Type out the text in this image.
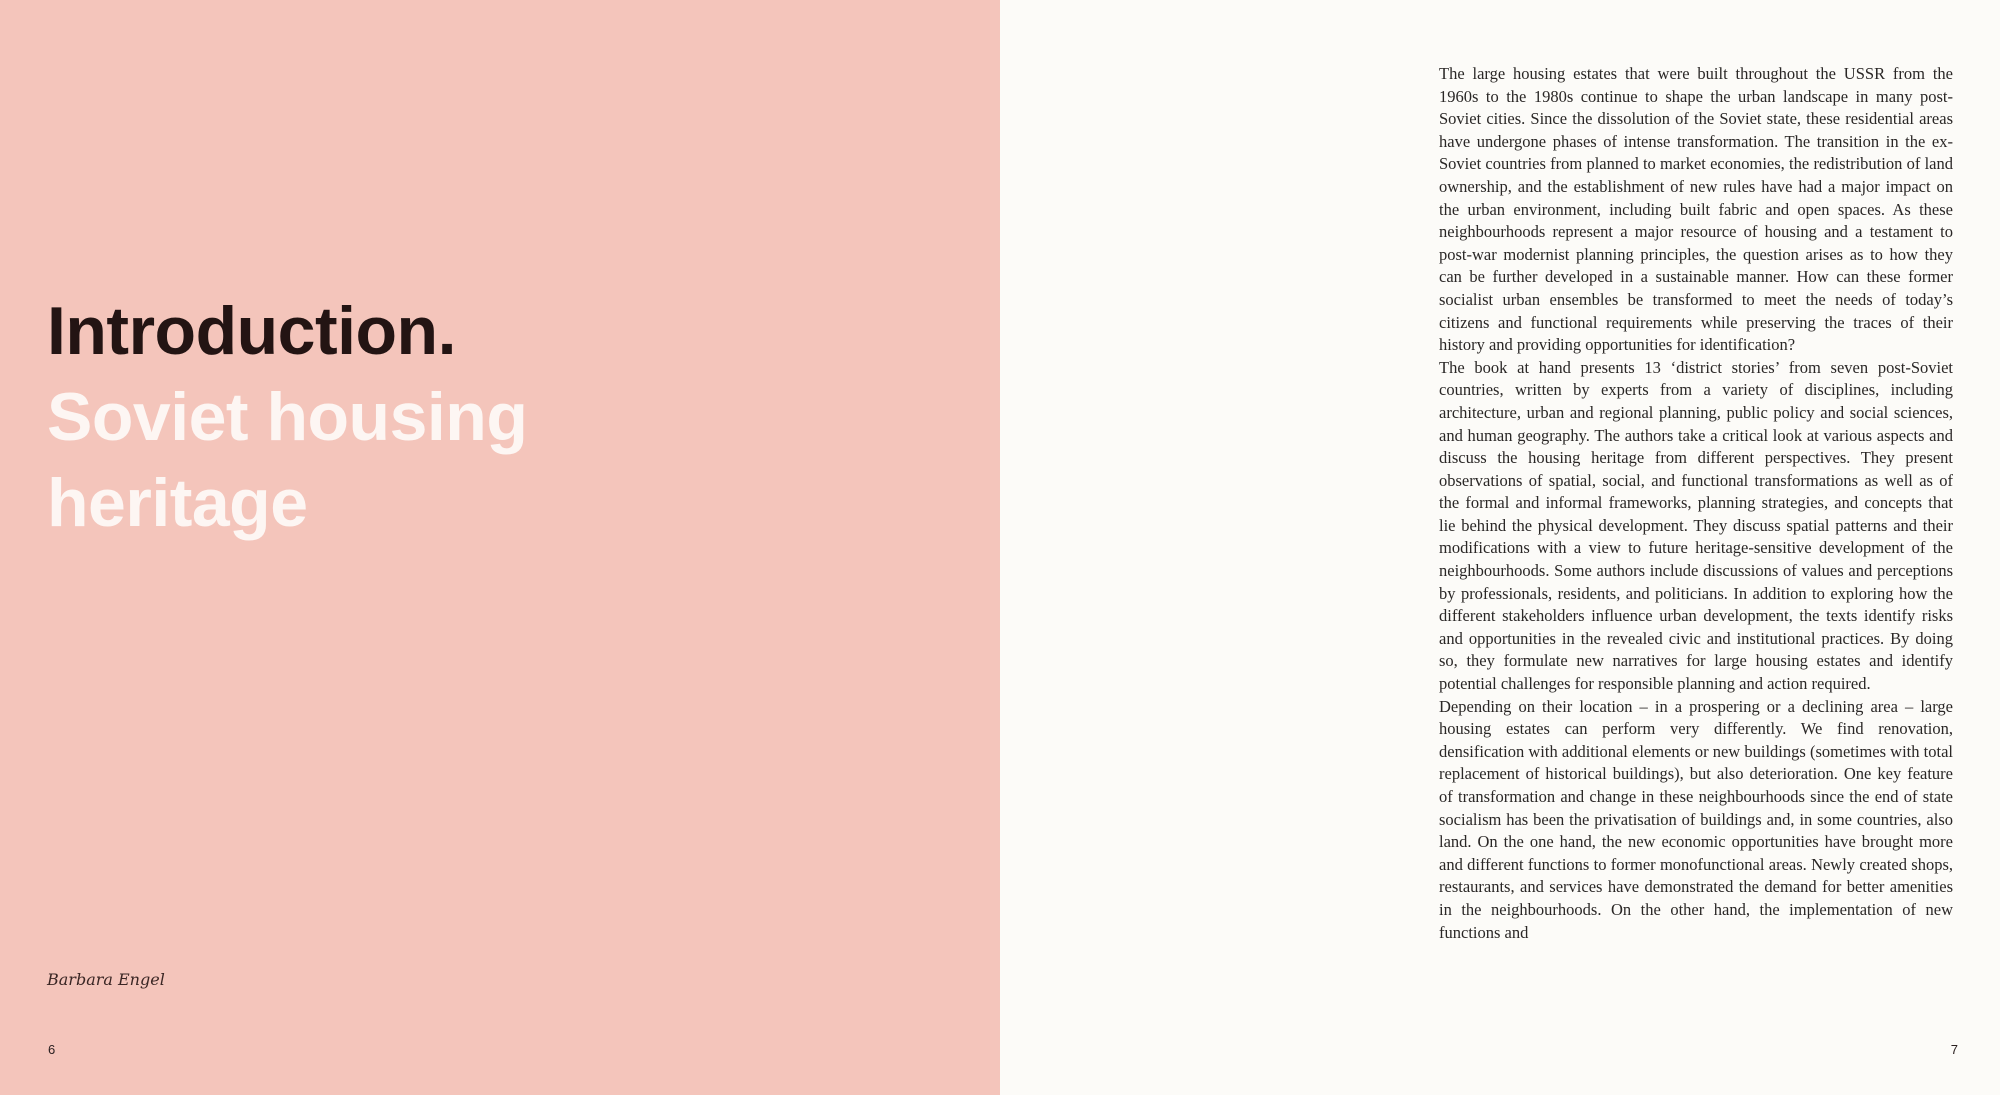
Introduction.
Soviet housing
heritage
Barbara Engel
6

The large housing estates that were built throughout the USSR from the 1960s to the 1980s continue to shape the urban landscape in many post-Soviet cities. Since the dissolution of the Soviet state, these residential areas have undergone phases of intense transformation. The transition in the ex-Soviet countries from planned to market economies, the redistribution of land ownership, and the establishment of new rules have had a major impact on the urban environment, including built fabric and open spaces. As these neighbourhoods represent a major resource of housing and a testament to post-war modernist planning principles, the question arises as to how they can be further developed in a sustainable manner. How can these former socialist urban ensembles be transformed to meet the needs of today’s citizens and functional requirements while preserving the traces of their history and providing opportunities for identification?

The book at hand presents 13 ‘district stories’ from seven post-Soviet countries, written by experts from a variety of disciplines, including architecture, urban and regional planning, public policy and social sciences, and human geography. The authors take a critical look at various aspects and discuss the housing heritage from different perspectives. They present observations of spatial, social, and functional transformations as well as of the formal and informal frameworks, planning strategies, and concepts that lie behind the physical development. They discuss spatial patterns and their modifications with a view to future heritage-sensitive development of the neighbourhoods. Some authors include discussions of values and perceptions by professionals, residents, and politicians. In addition to exploring how the different stakeholders influence urban development, the texts identify risks and opportunities in the revealed civic and institutional practices. By doing so, they formulate new narratives for large housing estates and identify potential challenges for responsible planning and action required.

Depending on their location – in a prospering or a declining area – large housing estates can perform very differently. We find renovation, densification with additional elements or new buildings (sometimes with total replacement of historical buildings), but also deterioration. One key feature of transformation and change in these neighbourhoods since the end of state socialism has been the privatisation of buildings and, in some countries, also land. On the one hand, the new economic opportunities have brought more and different functions to former monofunctional areas. Newly created shops, restaurants, and services have demonstrated the demand for better amenities in the neighbourhoods. On the other hand, the implementation of new functions and

7
